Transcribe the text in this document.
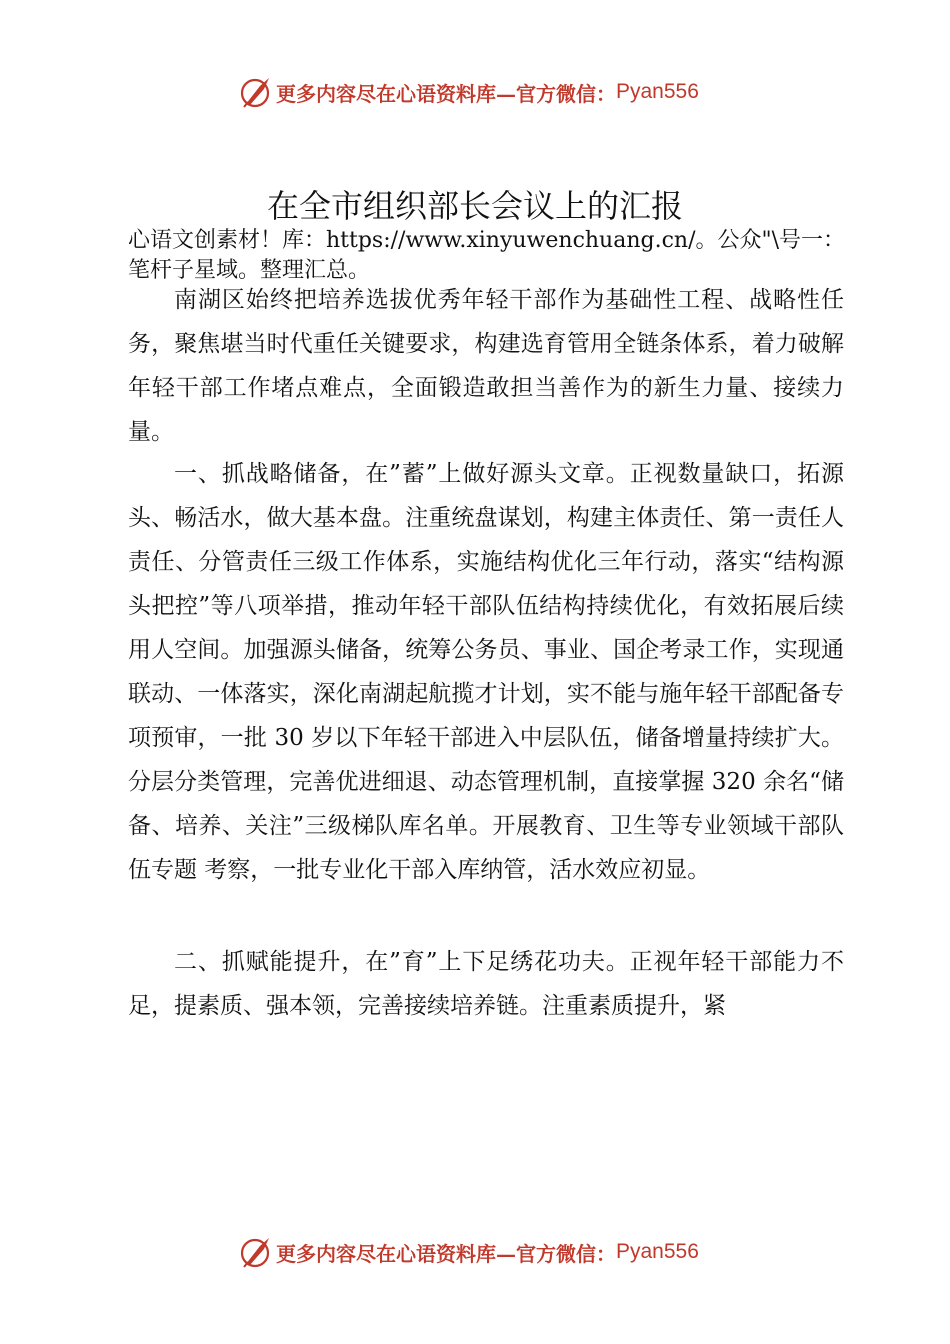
更多内容尽在心语资料库—官方微信： Pyan556
在全市组织部长会议上的汇报
心语文创素材！库：https://www.xinyuwenchuang.cn/。公众"\号一：笔杆子星域。整理汇总。

南湖区始终把培养选拔优秀年轻干部作为基础性工程、战略性任务，聚焦堪当时代重任关键要求，构建选育管用全链条体系，着力破解年轻干部工作堵点难点，全面锻造敢担当善作为的新生力量、接续力量。

一、抓战略储备，在”蓄”上做好源头文章。正视数量缺口，拓源头、畅活水，做大基本盘。注重统盘谋划，构建主体责任、第一责任人责任、分管责任三级工作体系，实施结构优化三年行动，落实“结构源头把控”等八项举措，推动年轻干部队伍结构持续优化，有效拓展后续用人空间。加强源头储备，统筹公务员、事业、国企考录工作，实现通联动、一体落实，深化南湖起航揽才计划，实不能与施年轻干部配备专项预审，一批 30 岁以下年轻干部进入中层队伍，储备增量持续扩大。分层分类管理，完善优进细退、动态管理机制，直接掌握 320 余名“储备、培养、关注”三级梯队库名单。开展教育、卫生等专业领域干部队伍专题 考察，一批专业化干部入库纳管，活水效应初显。

二、抓赋能提升，在”育”上下足绣花功夫。正视年轻干部能力不足，提素质、强本领，完善接续培养链。注重素质提升，紧

更多内容尽在心语资料库—官方微信： Pyan556
